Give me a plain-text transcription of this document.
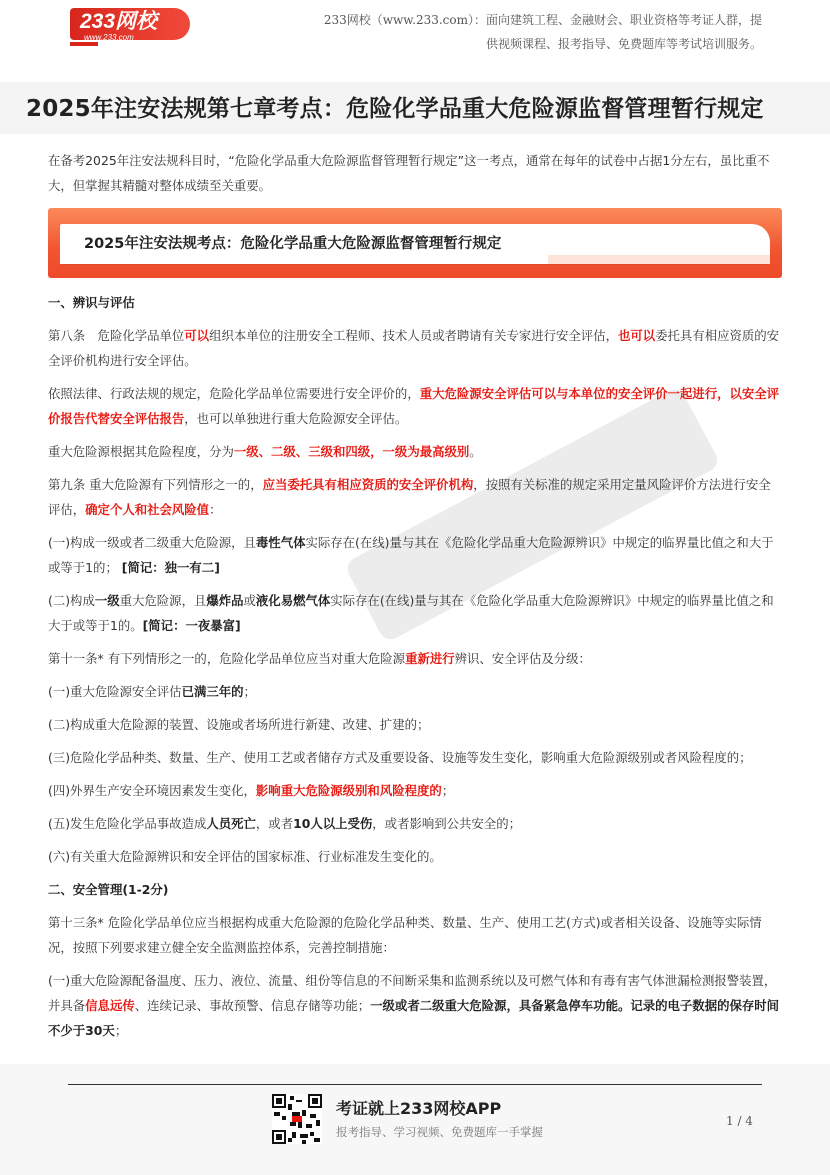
233网校
www.233.com
233网校（www.233.com）：面向建筑工程、金融财会、职业资格等考证人群，提
供视频课程、报考指导、免费题库等考试培训服务。
2025年注安法规第七章考点：危险化学品重大危险源监督管理暂行规定

在备考2025年注安法规科目时，“危险化学品重大危险源监督管理暂行规定”这一考点，通常在每年的试卷中占据1分左右，虽比重不大，但掌握其精髓对整体成绩至关重要。

2025年注安法规考点：危险化学品重大危险源监督管理暂行规定
一、辨识与评估

第八条　危险化学品单位可以组织本单位的注册安全工程师、技术人员或者聘请有关专家进行安全评估，也可以委托具有相应资质的安全评价机构进行安全评估。

依照法律、行政法规的规定，危险化学品单位需要进行安全评价的，重大危险源安全评估可以与本单位的安全评价一起进行，以安全评价报告代替安全评估报告，也可以单独进行重大危险源安全评估。

重大危险源根据其危险程度，分为一级、二级、三级和四级，一级为最高级别。

第九条 重大危险源有下列情形之一的，应当委托具有相应资质的安全评价机构，按照有关标准的规定采用定量风险评价方法进行安全评估，确定个人和社会风险值：

(一)构成一级或者二级重大危险源，且毒性气体实际存在(在线)量与其在《危险化学品重大危险源辨识》中规定的临界量比值之和大于或等于1的； [简记：独一有二]

(二)构成一级重大危险源，且爆炸品或液化易燃气体实际存在(在线)量与其在《危险化学品重大危险源辨识》中规定的临界量比值之和大于或等于1的。[简记：一夜暴富]

第十一条* 有下列情形之一的，危险化学品单位应当对重大危险源重新进行辨识、安全评估及分级：

(一)重大危险源安全评估已满三年的；

(二)构成重大危险源的装置、设施或者场所进行新建、改建、扩建的；

(三)危险化学品种类、数量、生产、使用工艺或者储存方式及重要设备、设施等发生变化，影响重大危险源级别或者风险程度的；

(四)外界生产安全环境因素发生变化，影响重大危险源级别和风险程度的；

(五)发生危险化学品事故造成人员死亡，或者10人以上受伤，或者影响到公共安全的；

(六)有关重大危险源辨识和安全评估的国家标准、行业标准发生变化的。

二、安全管理(1-2分)

第十三条* 危险化学品单位应当根据构成重大危险源的危险化学品种类、数量、生产、使用工艺(方式)或者相关设备、设施等实际情况，按照下列要求建立健全安全监测监控体系，完善控制措施：

(一)重大危险源配备温度、压力、液位、流量、组份等信息的不间断采集和监测系统以及可燃气体和有毒有害气体泄漏检测报警装置，并具备信息远传、连续记录、事故预警、信息存储等功能；一级或者二级重大危险源，具备紧急停车功能。记录的电子数据的保存时间不少于30天；

考证就上233网校APP
报考指导、学习视频、免费题库一手掌握
1 / 4
